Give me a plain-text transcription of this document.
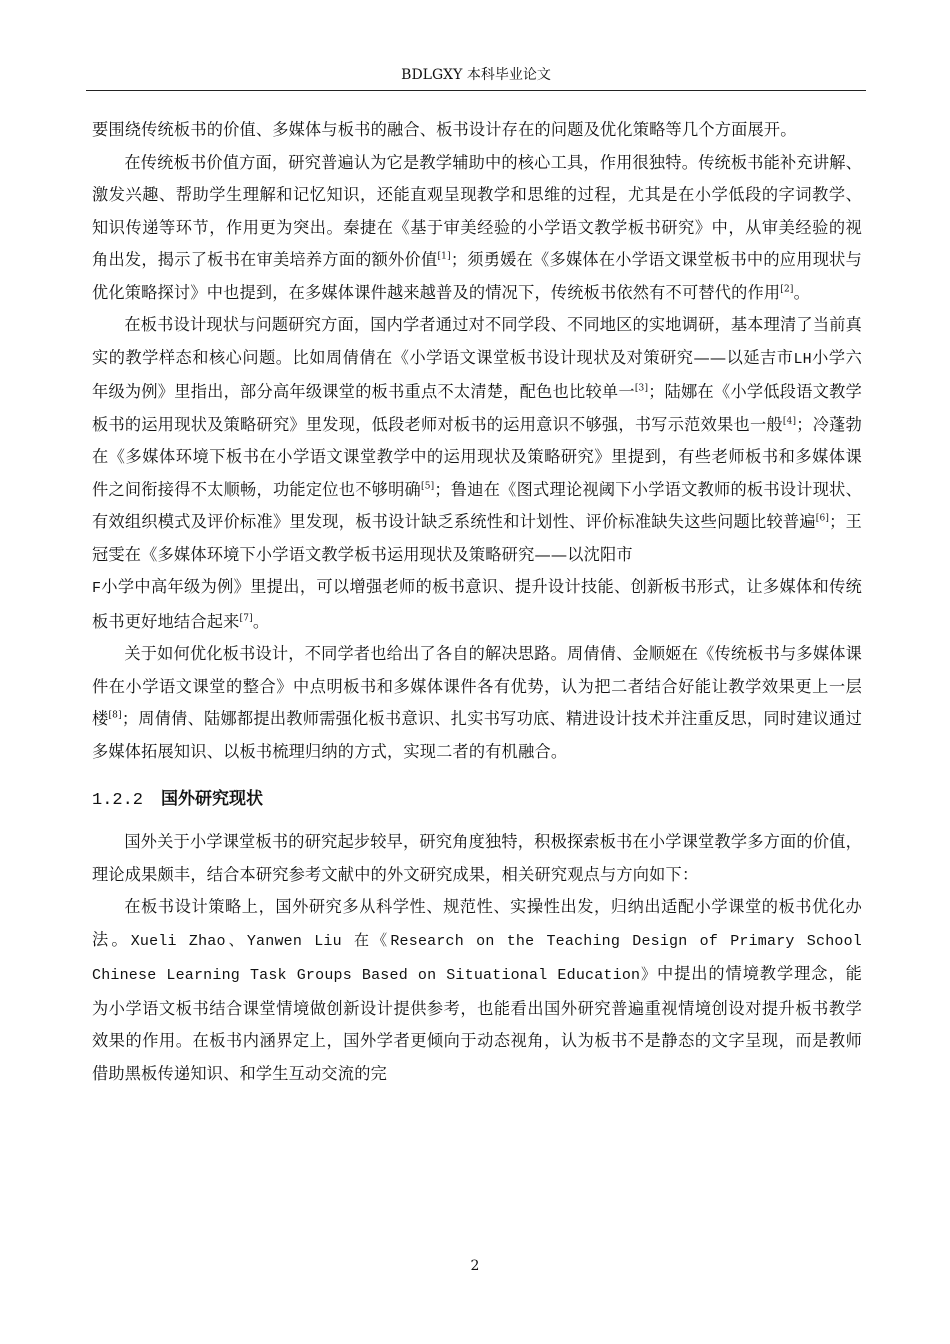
BDLGXY 本科毕业论文

要围绕传统板书的价值、多媒体与板书的融合、板书设计存在的问题及优化策略等几个方面展开。

在传统板书价值方面，研究普遍认为它是教学辅助中的核心工具，作用很独特。传统板书能补充讲解、激发兴趣、帮助学生理解和记忆知识，还能直观呈现教学和思维的过程，尤其是在小学低段的字词教学、知识传递等环节，作用更为突出。秦捷在《基于审美经验的小学语文教学板书研究》中，从审美经验的视角出发，揭示了板书在审美培养方面的额外价值[1]；须勇媛在《多媒体在小学语文课堂板书中的应用现状与优化策略探讨》中也提到，在多媒体课件越来越普及的情况下，传统板书依然有不可替代的作用[2]。

在板书设计现状与问题研究方面，国内学者通过对不同学段、不同地区的实地调研，基本理清了当前真实的教学样态和核心问题。比如周倩倩在《小学语文课堂板书设计现状及对策研究——以延吉市LH小学六年级为例》里指出，部分高年级课堂的板书重点不太清楚，配色也比较单一[3]；陆娜在《小学低段语文教学板书的运用现状及策略研究》里发现，低段老师对板书的运用意识不够强，书写示范效果也一般[4]；冷蓬勃在《多媒体环境下板书在小学语文课堂教学中的运用现状及策略研究》里提到，有些老师板书和多媒体课件之间衔接得不太顺畅，功能定位也不够明确[5]；鲁迪在《图式理论视阈下小学语文教师的板书设计现状、有效组织模式及评价标准》里发现，板书设计缺乏系统性和计划性、评价标准缺失这些问题比较普遍[6]；王冠雯在《多媒体环境下小学语文教学板书运用现状及策略研究——以沈阳市
F小学中高年级为例》里提出，可以增强老师的板书意识、提升设计技能、创新板书形式，让多媒体和传统板书更好地结合起来[7]。

关于如何优化板书设计，不同学者也给出了各自的解决思路。周倩倩、金顺姬在《传统板书与多媒体课件在小学语文课堂的整合》中点明板书和多媒体课件各有优势，认为把二者结合好能让教学效果更上一层楼[8]；周倩倩、陆娜都提出教师需强化板书意识、扎实书写功底、精进设计技术并注重反思，同时建议通过多媒体拓展知识、以板书梳理归纳的方式，实现二者的有机融合。

1.2.2 国外研究现状

国外关于小学课堂板书的研究起步较早，研究角度独特，积极探索板书在小学课堂教学多方面的价值，理论成果颇丰，结合本研究参考文献中的外文研究成果，相关研究观点与方向如下：

在板书设计策略上，国外研究多从科学性、规范性、实操性出发，归纳出适配小学课堂的板书优化办法。Xueli Zhao、Yanwen Liu 在《Research on the Teaching Design of Primary School Chinese Learning Task Groups Based on Situational Education》中提出的情境教学理念，能为小学语文板书结合课堂情境做创新设计提供参考，也能看出国外研究普遍重视情境创设对提升板书教学效果的作用。在板书内涵界定上，国外学者更倾向于动态视角，认为板书不是静态的文字呈现，而是教师借助黑板传递知识、和学生互动交流的完

2
